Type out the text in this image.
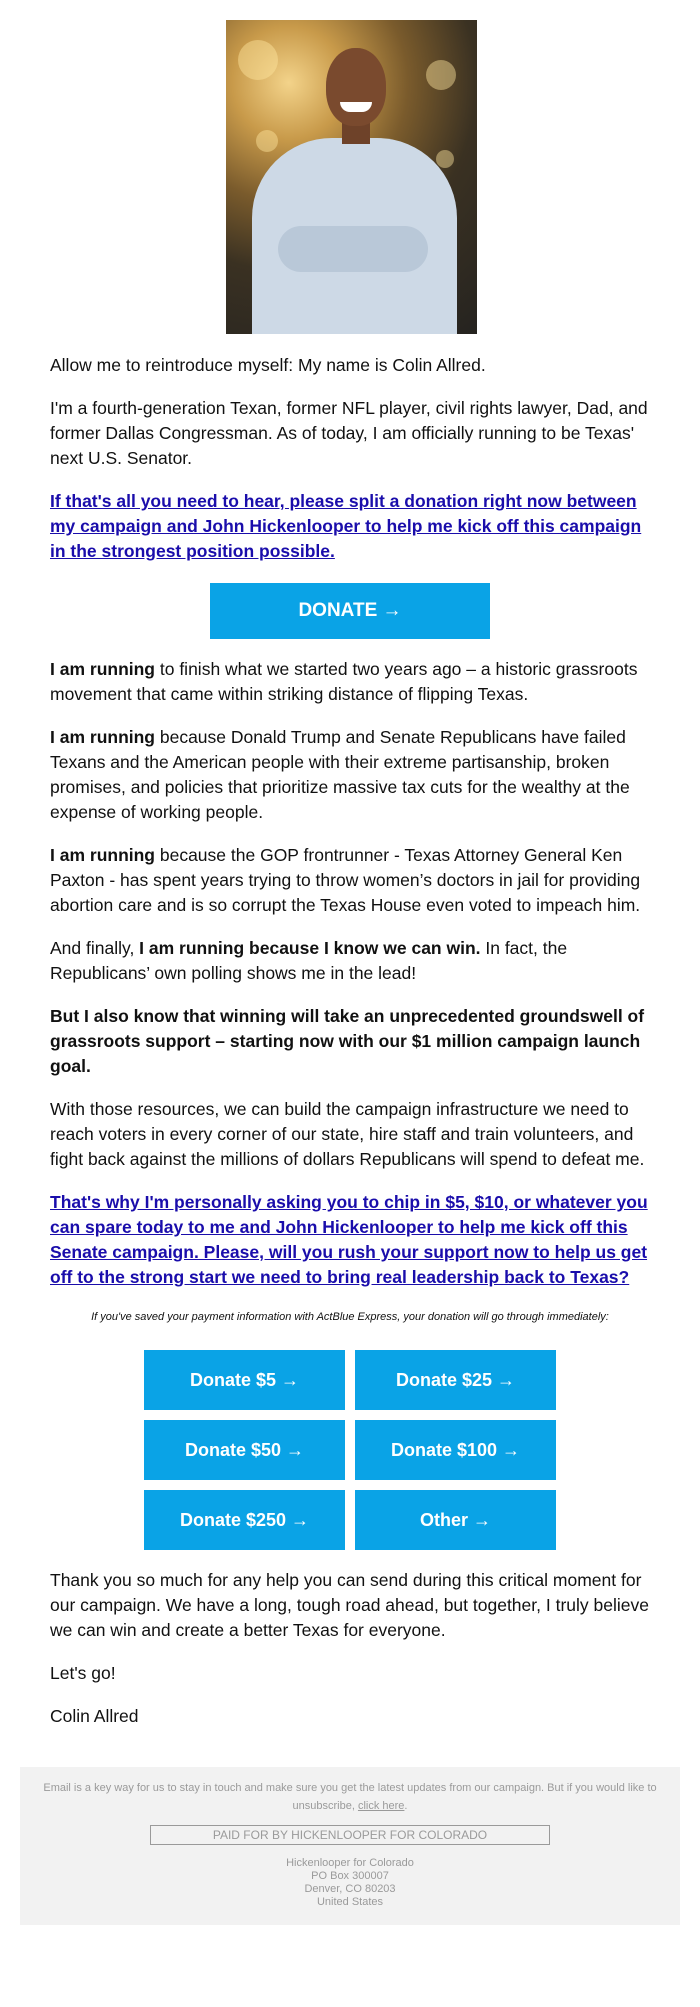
Allow me to reintroduce myself: My name is Colin Allred.

I'm a fourth-generation Texan, former NFL player, civil rights lawyer, Dad, and former Dallas Congressman. As of today, I am officially running to be Texas' next U.S. Senator.

If that's all you need to hear, please split a donation right now between my campaign and John Hickenlooper to help me kick off this campaign in the strongest position possible.

DONATE →

I am running to finish what we started two years ago – a historic grassroots movement that came within striking distance of flipping Texas.

I am running because Donald Trump and Senate Republicans have failed Texans and the American people with their extreme partisanship, broken promises, and policies that prioritize massive tax cuts for the wealthy at the expense of working people.

I am running because the GOP frontrunner - Texas Attorney General Ken Paxton - has spent years trying to throw women’s doctors in jail for providing abortion care and is so corrupt the Texas House even voted to impeach him.

And finally, I am running because I know we can win. In fact, the Republicans’ own polling shows me in the lead!

But I also know that winning will take an unprecedented groundswell of grassroots support – starting now with our $1 million campaign launch goal.

With those resources, we can build the campaign infrastructure we need to reach voters in every corner of our state, hire staff and train volunteers, and fight back against the millions of dollars Republicans will spend to defeat me.

That's why I'm personally asking you to chip in $5, $10, or whatever you can spare today to me and John Hickenlooper to help me kick off this Senate campaign. Please, will you rush your support now to help us get off to the strong start we need to bring real leadership back to Texas?

If you've saved your payment information with ActBlue Express, your donation will go through immediately:
Donate $5 →	Donate $25 →
Donate $50 →	Donate $100 →
Donate $250 →	Other →

Thank you so much for any help you can send during this critical moment for our campaign. We have a long, tough road ahead, but together, I truly believe we can win and create a better Texas for everyone.

Let's go!

Colin Allred

Email is a key way for us to stay in touch and make sure you get the latest updates from our campaign. But if you would like to unsubscribe, click here.

PAID FOR BY HICKENLOOPER FOR COLORADO
Hickenlooper for Colorado
PO Box 300007
Denver, CO 80203
United States
